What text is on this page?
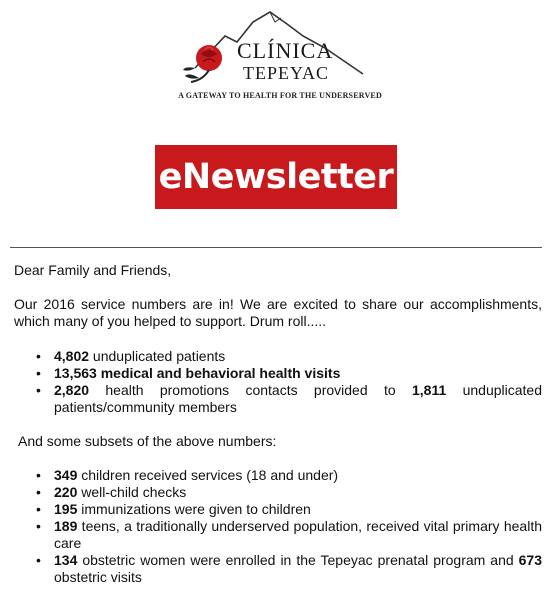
CLÍNICA
TEPEYAC
A GATEWAY TO HEALTH FOR THE UNDERSERVED
eNewsletter

Dear Family and Friends,

Our 2016 service numbers are in! We are excited to share our accomplishments, which many of you helped to support. Drum roll.....

• 4,802 unduplicated patients
• 13,563 medical and behavioral health visits
• 2,820 health promotions contacts provided to 1,811 unduplicated patients/community members

And some subsets of the above numbers:

• 349 children received services (18 and under)
• 220 well-child checks
• 195 immunizations were given to children
• 189 teens, a traditionally underserved population, received vital primary health care
• 134 obstetric women were enrolled in the Tepeyac prenatal program and 673 obstetric visits
